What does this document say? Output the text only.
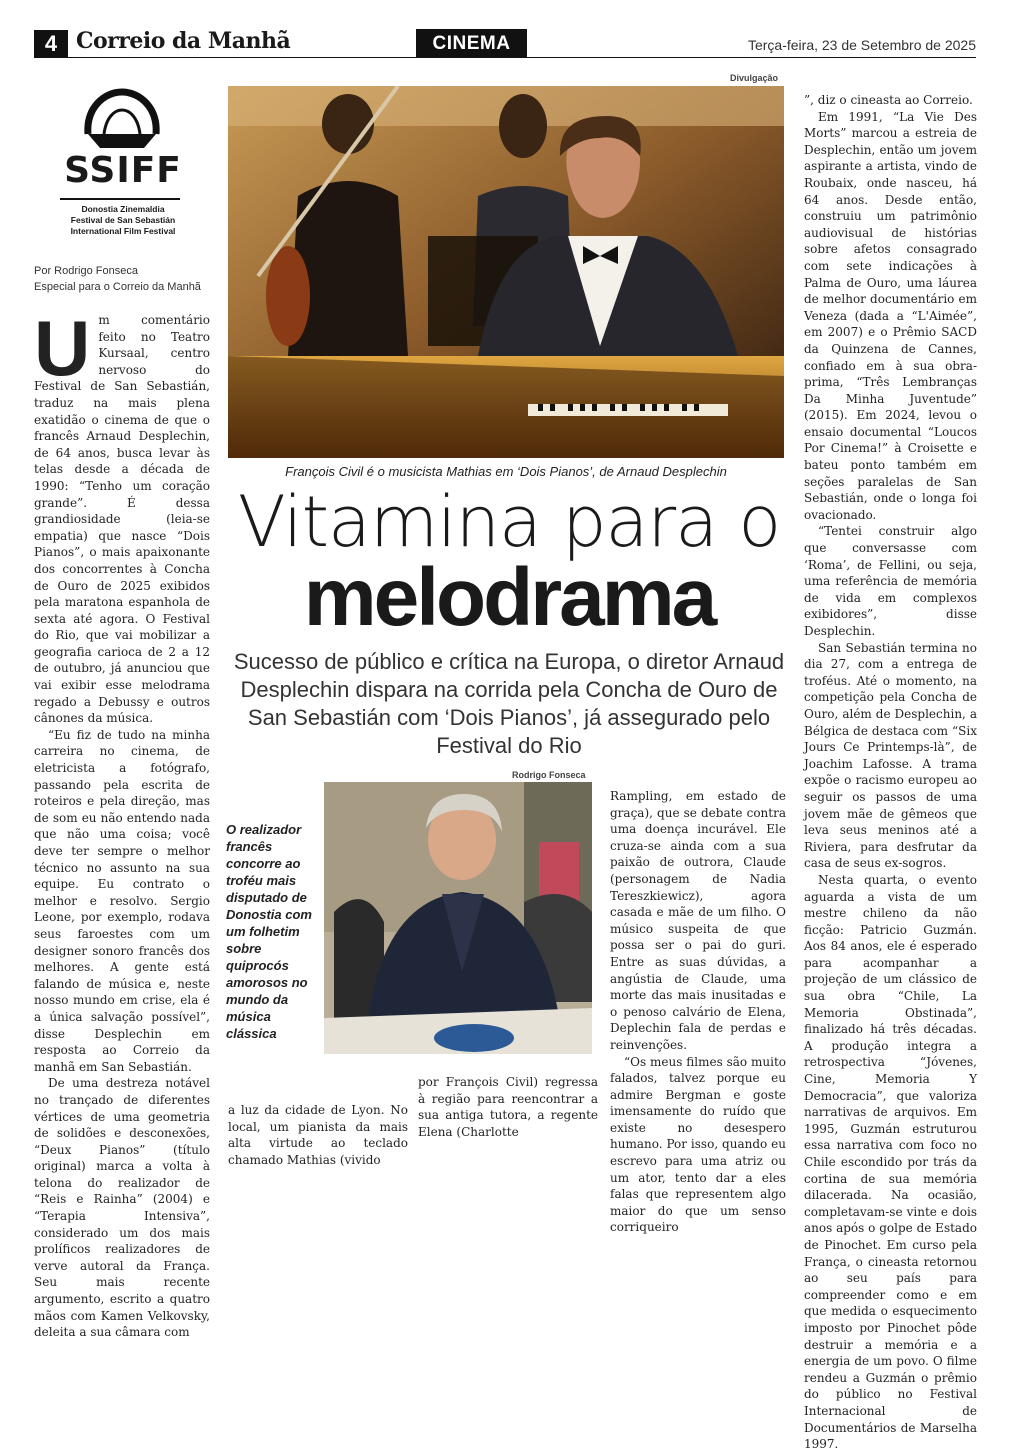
4 Correio da Manhã	CINEMA	Terça-feira, 23 de Setembro de 2025
SSIFF
Donostia Zinemaldia
Festival de San Sebastián
International Film Festival
Por Rodrigo Fonseca
Especial para o Correio da Manhã

Um comentário feito no Teatro Kursaal, centro nervoso do Festival de San Sebastián, traduz na mais plena exatidão o cinema de que o francês Arnaud Desplechin, de 64 anos, busca levar às telas desde a década de 1990: “Tenho um coração grande”. É dessa grandiosidade (leia-se empatia) que nasce “Dois Pianos”, o mais apaixonante dos concorrentes à Concha de Ouro de 2025 exibidos pela maratona espanhola de sexta até agora. O Festival do Rio, que vai mobilizar a geografia carioca de 2 a 12 de outubro, já anunciou que vai exibir esse melodrama regado a Debussy e outros cânones da música.

“Eu fiz de tudo na minha carreira no cinema, de eletricista a fotógrafo, passando pela escrita de roteiros e pela direção, mas de som eu não entendo nada que não uma coisa; você deve ter sempre o melhor técnico no assunto na sua equipe. Eu contrato o melhor e resolvo. Sergio Leone, por exemplo, rodava seus faroestes com um designer sonoro francês dos melhores. A gente está falando de música e, neste nosso mundo em crise, ela é a única salvação possível”, disse Desplechin em resposta ao Correio da manhã em San Sebastián.

De uma destreza notável no trançado de diferentes vértices de uma geometria de solidões e desconexões, “Deux Pianos” (título original) marca a volta à telona do realizador de “Reis e Rainha” (2004) e “Terapia Intensiva”, considerado um dos mais prolíficos realizadores de verve autoral da França. Seu mais recente argumento, escrito a quatro mãos com Kamen Velkovsky, deleita a sua câmara com

Divulgação
François Civil é o musicista Mathias em ‘Dois Pianos’, de Arnaud Desplechin
Vitamina para o
melodrama
Sucesso de público e crítica na Europa, o diretor Arnaud Desplechin dispara na corrida pela Concha de Ouro de San Sebastián com ‘Dois Pianos’, já assegurado pelo Festival do Rio
Rodrigo Fonseca
O realizador francês concorre ao troféu mais disputado de Donostia com um folhetim sobre quiprocós amorosos no mundo da música clássica

a luz da cidade de Lyon. No local, um pianista da mais alta virtude ao teclado chamado Mathias (vivido

por François Civil) regressa à região para reencontrar a sua antiga tutora, a regente Elena (Charlotte

Rampling, em estado de graça), que se debate contra uma doença incurável. Ele cruza-se ainda com a sua paixão de outrora, Claude (personagem de Nadia Tereszkiewicz), agora casada e mãe de um filho. O músico suspeita de que possa ser o pai do guri. Entre as suas dúvidas, a angústia de Claude, uma morte das mais inusitadas e o penoso calvário de Elena, Deplechin fala de perdas e reinvenções.

“Os meus filmes são muito falados, talvez porque eu admire Bergman e goste imensamente do ruído que existe no desespero humano. Por isso, quando eu escrevo para uma atriz ou um ator, tento dar a eles falas que representem algo maior do que um senso corriqueiro

”, diz o cineasta ao Correio.

Em 1991, “La Vie Des Morts” marcou a estreia de Desplechin, então um jovem aspirante a artista, vindo de Roubaix, onde nasceu, há 64 anos. Desde então, construiu um patrimônio audiovisual de histórias sobre afetos consagrado com sete indicações à Palma de Ouro, uma láurea de melhor documentário em Veneza (dada a “L'Aimée”, em 2007) e o Prêmio SACD da Quinzena de Cannes, confiado em à sua obra-prima, “Três Lembranças Da Minha Juventude” (2015). Em 2024, levou o ensaio documental “Loucos Por Cinema!” à Croisette e bateu ponto também em seções paralelas de San Sebastián, onde o longa foi ovacionado.

“Tentei construir algo que conversasse com ‘Roma’, de Fellini, ou seja, uma referência de memória de vida em complexos exibidores”, disse Desplechin.

San Sebastián termina no dia 27, com a entrega de troféus. Até o momento, na competição pela Concha de Ouro, além de Desplechin, a Bélgica de destaca com “Six Jours Ce Printemps-là”, de Joachim Lafosse. A trama expõe o racismo europeu ao seguir os passos de uma jovem mãe de gêmeos que leva seus meninos até a Riviera, para desfrutar da casa de seus ex-sogros.

Nesta quarta, o evento aguarda a vista de um mestre chileno da não ficção: Patricio Guzmán. Aos 84 anos, ele é esperado para acompanhar a projeção de um clássico de sua obra “Chile, La Memoria Obstinada”, finalizado há três décadas. A produção integra a retrospectiva “Jóvenes, Cine, Memoria Y Democracia”, que valoriza narrativas de arquivos. Em 1995, Guzmán estruturou essa narrativa com foco no Chile escondido por trás da cortina de sua memória dilacerada. Na ocasião, completavam-se vinte e dois anos após o golpe de Estado de Pinochet. Em curso pela França, o cineasta retornou ao seu país para compreender como e em que medida o esquecimento imposto por Pinochet pôde destruir a memória e a energia de um povo. O filme rendeu a Guzmán o prêmio do público no Festival Internacional de Documentários de Marselha 1997.
